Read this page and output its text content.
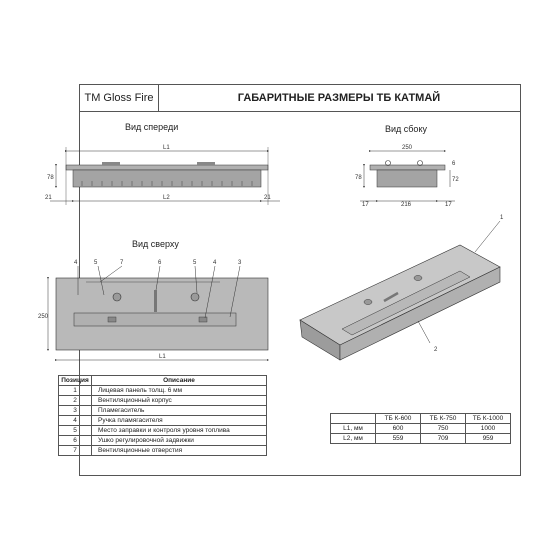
TM Gloss Fire	ГАБАРИТНЫЕ РАЗМЕРЫ ТБ КАТМАЙ
Вид спереди	Вид сбоку
Вид сверху
L1
L2
78
21	21
250
78	72
6
17	216	17
250
L1
4	5	7	6	5	4	3
1
2
Позиция	Описание
1	Лицевая панель толщ. 6 мм
2	Вентиляционный корпус
3	Пламегаситель
4	Ручка пламягасителя
5	Место заправки и контроля уровня топлива
6	Ушко регулировочной задвижки
7	Вентиляционные отверстия
	ТБ К-600	ТБ К-750	ТБ К-1000
L1, мм	600	750	1000
L2, мм	559	709	959
